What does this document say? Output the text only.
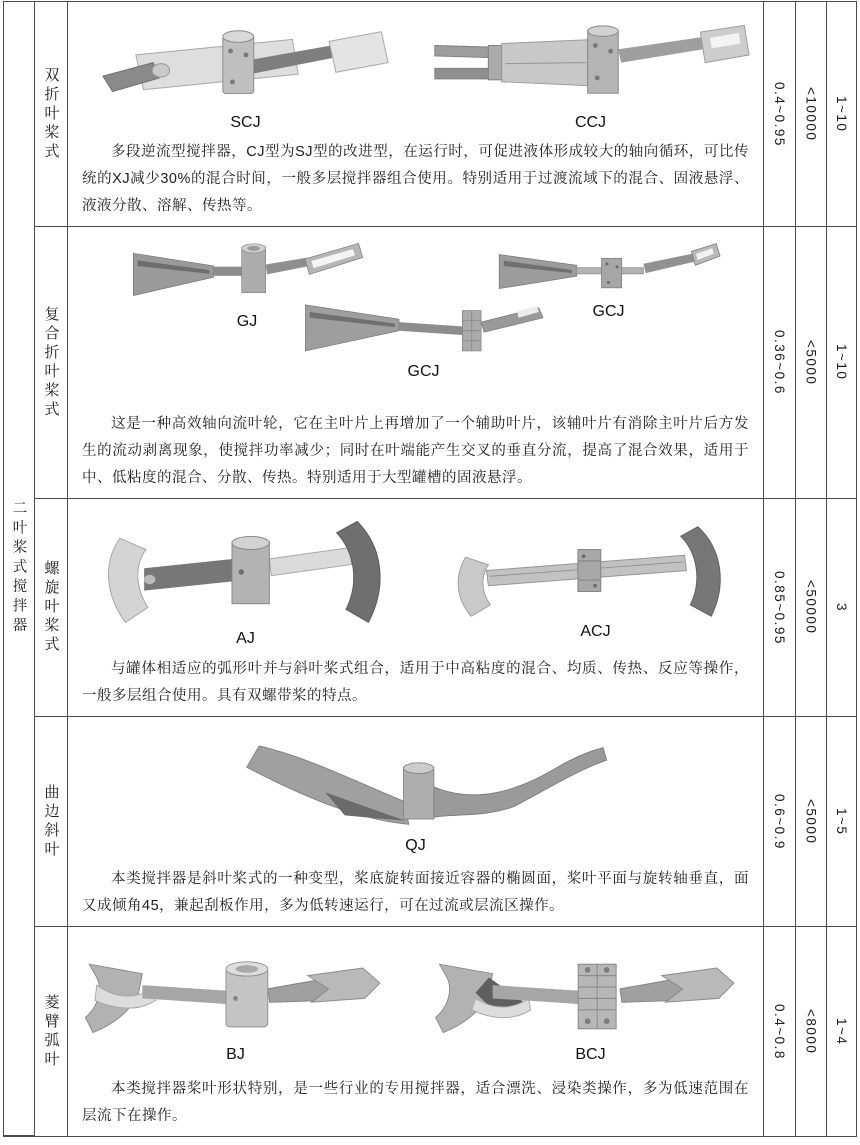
二叶桨式搅拌器
双折叶桨式	SCJ	CCJ

多段逆流型搅拌器，CJ型为SJ型的改进型，在运行时，可促进液体形成较大的轴向循环，可比传统的XJ减少30%的混合时间，一般多层搅拌器组合使用。特别适用于过渡流域下的混合、固液悬浮、液液分散、溶解、传热等。

0.4~0.95 <10000 1~10
复合折叶桨式	GJ
GCJ
GCJ

这是一种高效轴向流叶轮，它在主叶片上再增加了一个辅助叶片，该辅叶片有消除主叶片后方发生的流动剥离现象，使搅拌功率减少；同时在叶端能产生交叉的垂直分流，提高了混合效果，适用于中、低粘度的混合、分散、传热。特别适用于大型罐槽的固液悬浮。

0.36~0.6 <5000 1~10
螺旋叶桨式	AJ	ACJ

与罐体相适应的弧形叶并与斜叶桨式组合，适用于中高粘度的混合、均质、传热、反应等操作，一般多层组合使用。具有双螺带桨的特点。

0.85~0.95 <50000 3
曲边斜叶	QJ

本类搅拌器是斜叶桨式的一种变型，桨底旋转面接近容器的椭圆面，桨叶平面与旋转轴垂直，面又成倾角45，兼起刮板作用，多为低转速运行，可在过流或层流区操作。

0.6~0.9 <5000 1~5
菱臂弧叶	BJ	BCJ

本类搅拌器桨叶形状特别，是一些行业的专用搅拌器，适合漂洗、浸染类操作，多为低速范围在层流下在操作。

0.4~0.8 <8000 1~4
